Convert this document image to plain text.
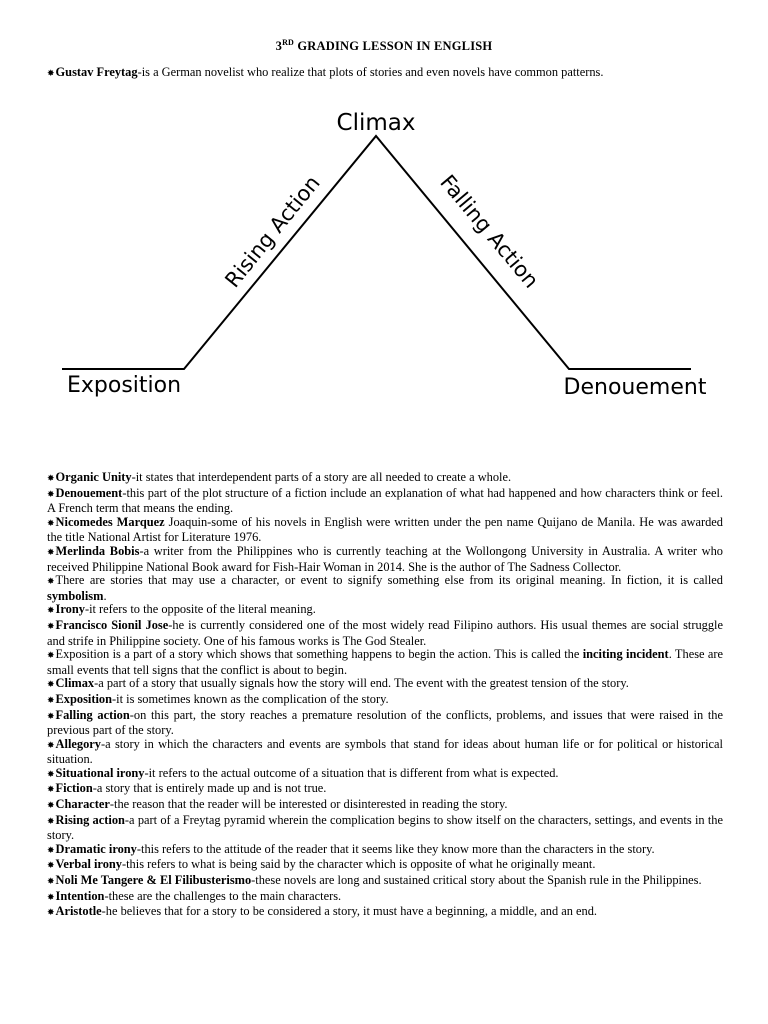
3RD GRADING LESSON IN ENGLISH
✸Gustav Freytag-is a German novelist who realize that plots of stories and even novels have common patterns.
Climax
Rising Action	Falling Action
Exposition	Denouement
✸Organic Unity-it states that interdependent parts of a story are all needed to create a whole.
✸Denouement-this part of the plot structure of a fiction include an explanation of what had happened and how characters think or feel. A French term that means the ending.
✸Nicomedes Marquez Joaquin-some of his novels in English were written under the pen name Quijano de Manila. He was awarded the title National Artist for Literature 1976.
✸Merlinda Bobis-a writer from the Philippines who is currently teaching at the Wollongong University in Australia. A writer who received Philippine National Book award for Fish-Hair Woman in 2014. She is the author of The Sadness Collector.
✸There are stories that may use a character, or event to signify something else from its original meaning. In fiction, it is called symbolism.
✸Irony-it refers to the opposite of the literal meaning.
✸Francisco Sionil Jose-he is currently considered one of the most widely read Filipino authors. His usual themes are social struggle and strife in Philippine society. One of his famous works is The God Stealer.
✸Exposition is a part of a story which shows that something happens to begin the action. This is called the inciting incident. These are small events that tell signs that the conflict is about to begin.
✸Climax-a part of a story that usually signals how the story will end. The event with the greatest tension of the story.
✸Exposition-it is sometimes known as the complication of the story.
✸Falling action-on this part, the story reaches a premature resolution of the conflicts, problems, and issues that were raised in the previous part of the story.
✸Allegory-a story in which the characters and events are symbols that stand for ideas about human life or for political or historical situation.
✸Situational irony-it refers to the actual outcome of a situation that is different from what is expected.
✸Fiction-a story that is entirely made up and is not true.
✸Character-the reason that the reader will be interested or disinterested in reading the story.
✸Rising action-a part of a Freytag pyramid wherein the complication begins to show itself on the characters, settings, and events in the story.
✸Dramatic irony-this refers to the attitude of the reader that it seems like they know more than the characters in the story.
✸Verbal irony-this refers to what is being said by the character which is opposite of what he originally meant.
✸Noli Me Tangere & El Filibusterismo-these novels are long and sustained critical story about the Spanish rule in the Philippines.
✸Intention-these are the challenges to the main characters.
✸Aristotle-he believes that for a story to be considered a story, it must have a beginning, a middle, and an end.
